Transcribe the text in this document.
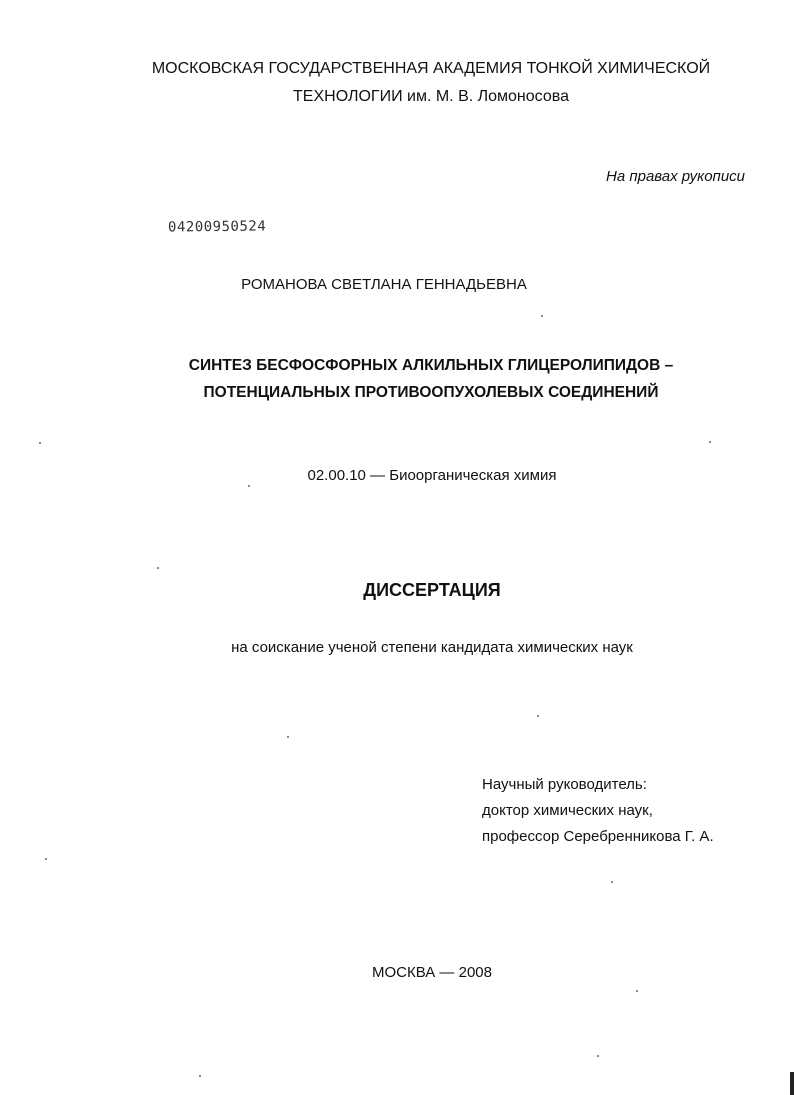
МОСКОВСКАЯ ГОСУДАРСТВЕННАЯ АКАДЕМИЯ ТОНКОЙ ХИМИЧЕСКОЙ
ТЕХНОЛОГИИ им. М. В. Ломоносова
На правах рукописи
04200950524
РОМАНОВА СВЕТЛАНА ГЕННАДЬЕВНА
СИНТЕЗ БЕСФОСФОРНЫХ АЛКИЛЬНЫХ ГЛИЦЕРОЛИПИДОВ –
ПОТЕНЦИАЛЬНЫХ ПРОТИВООПУХОЛЕВЫХ СОЕДИНЕНИЙ
02.00.10 — Биоорганическая химия
ДИССЕРТАЦИЯ
на соискание ученой степени кандидата химических наук
Научный руководитель:
доктор химических наук,
профессор Серебренникова Г. А.
МОСКВА — 2008
